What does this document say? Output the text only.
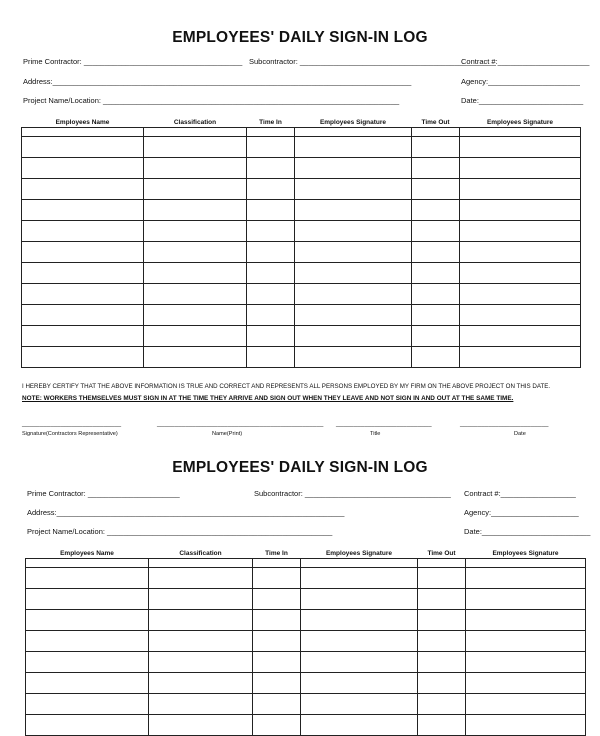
EMPLOYEES' DAILY SIGN-IN LOG
Prime Contractor: ______________________________________ Subcontractor: _______________________________________________
Contract #:______________________
Address:______________________________________________________________________________________	Agency:______________________
Project Name/Location: _______________________________________________________________________	Date:_________________________
Employees Name	Classification	Time In	Employees Signature	Time Out	Employees Signature

I HEREBY CERTIFY THAT THE ABOVE INFORMATION IS TRUE AND CORRECT AND REPRESENTS ALL PERSONS EMPLOYED BY MY FIRM ON THE ABOVE PROJECT ON THIS DATE.
NOTE: WORKERS THEMSELVES MUST SIGN IN AT THE TIME THEY ARRIVE AND SIGN OUT WHEN THEY LEAVE AND NOT SIGN IN AND OUT AT THE SAME TIME.
____________________________	_______________________________________________ ___________________________	_________________________
Signature(Contractors Representative)	Name(Print)	Title	Date
EMPLOYEES' DAILY SIGN-IN LOG
Prime Contractor: ______________________	Subcontractor: ___________________________________ Contract #:__________________
Address:_____________________________________________________________________	Agency:_____________________
Project Name/Location: ______________________________________________________	Date:__________________________
Employees Name	Classification	Time In	Employees Signature	Time Out	Employees Signature
